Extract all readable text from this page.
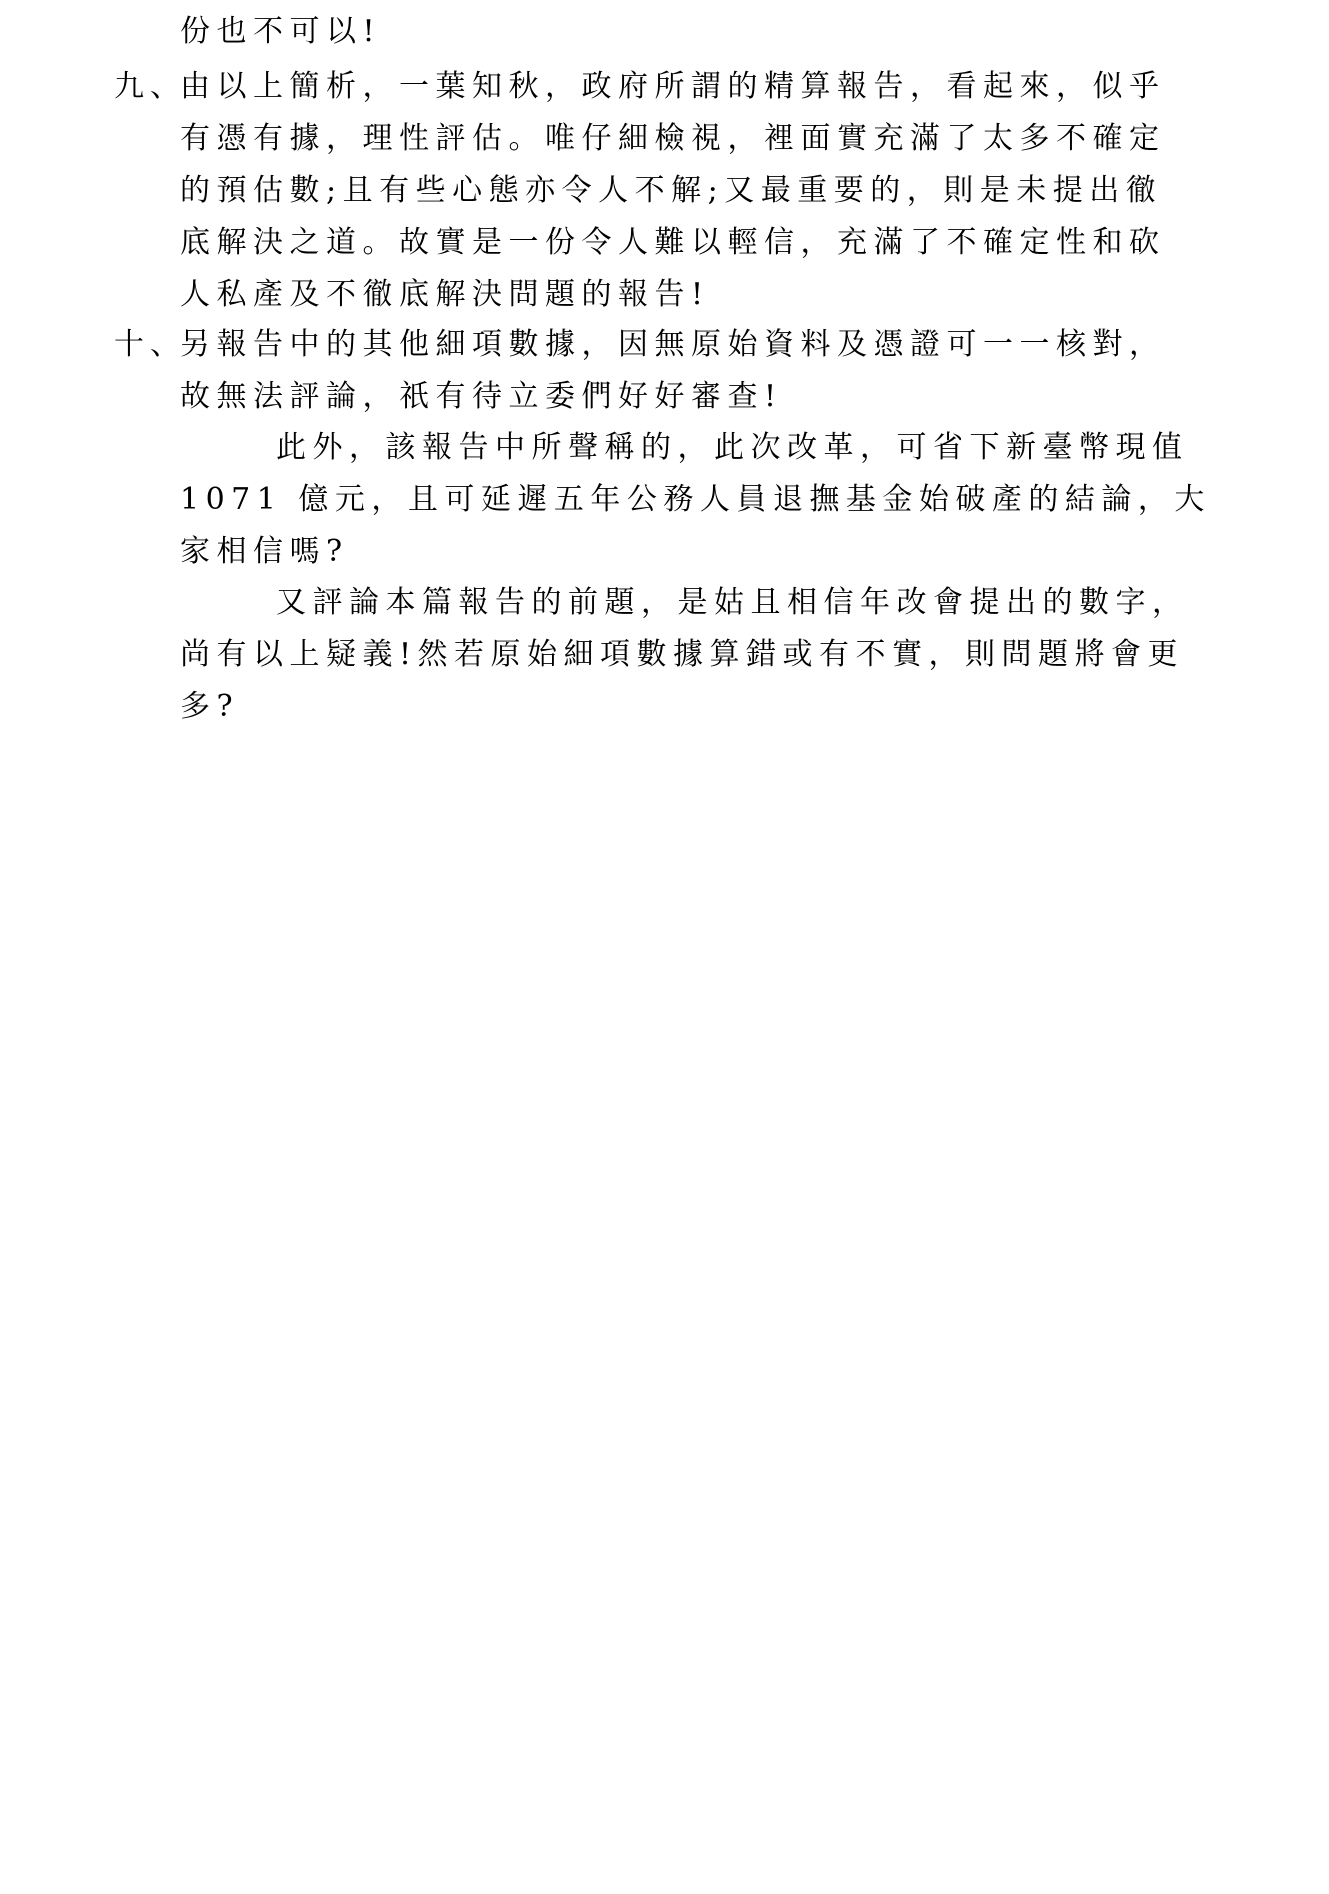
份也不可以!
九、
由以上簡析，一葉知秋，政府所謂的精算報告，看起來，似乎
有憑有據，理性評估。唯仔細檢視，裡面實充滿了太多不確定
的預估數;且有些心態亦令人不解;又最重要的，則是未提出徹
底解決之道。故實是一份令人難以輕信，充滿了不確定性和砍
人私產及不徹底解決問題的報告!
十、
另報告中的其他細項數據，因無原始資料及憑證可一一核對，
故無法評論，祇有待立委們好好審查!
此外，該報告中所聲稱的，此次改革，可省下新臺幣現值
1071 億元，且可延遲五年公務人員退撫基金始破產的結論，大
家相信嗎?
又評論本篇報告的前題，是姑且相信年改會提出的數字，
尚有以上疑義!然若原始細項數據算錯或有不實，則問題將會更
多?
